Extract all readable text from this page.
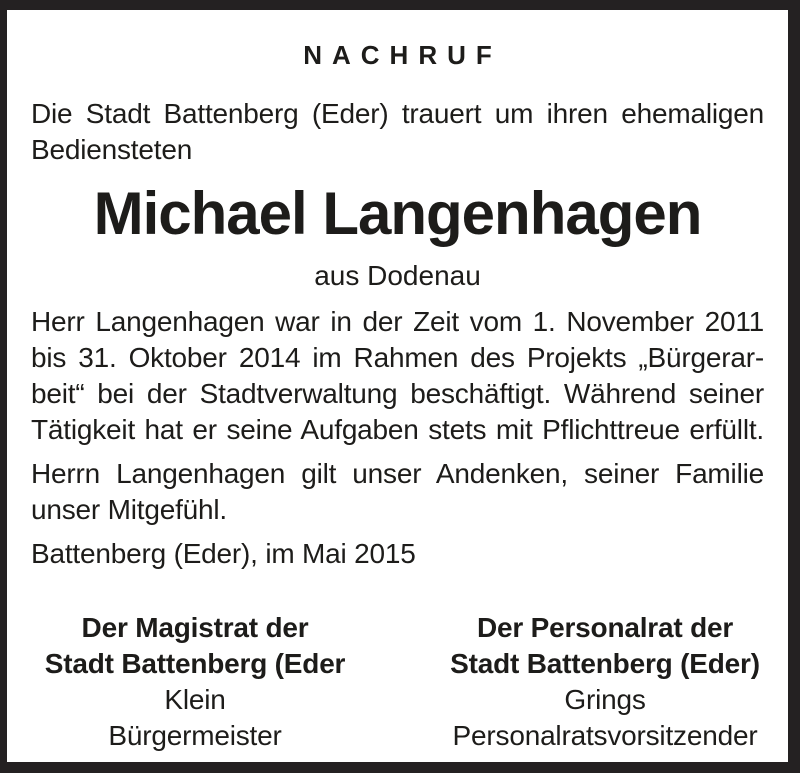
NACHRUF
Die Stadt Battenberg (Eder) trauert um ihren ehemaligen
Bediensteten
Michael Langenhagen
aus Dodenau
Herr Langenhagen war in der Zeit vom 1. November 2011
bis 31. Oktober 2014 im Rahmen des Projekts „Bürgerar-
beit“ bei der Stadtverwaltung beschäftigt. Während seiner
Tätigkeit hat er seine Aufgaben stets mit Pflichttreue erfüllt.
Herrn Langenhagen gilt unser Andenken, seiner Familie
unser Mitgefühl.
Battenberg (Eder), im Mai 2015
Der Magistrat der
Stadt Battenberg (Eder
Klein
Bürgermeister
Der Personalrat der
Stadt Battenberg (Eder)
Grings
Personalratsvorsitzender
